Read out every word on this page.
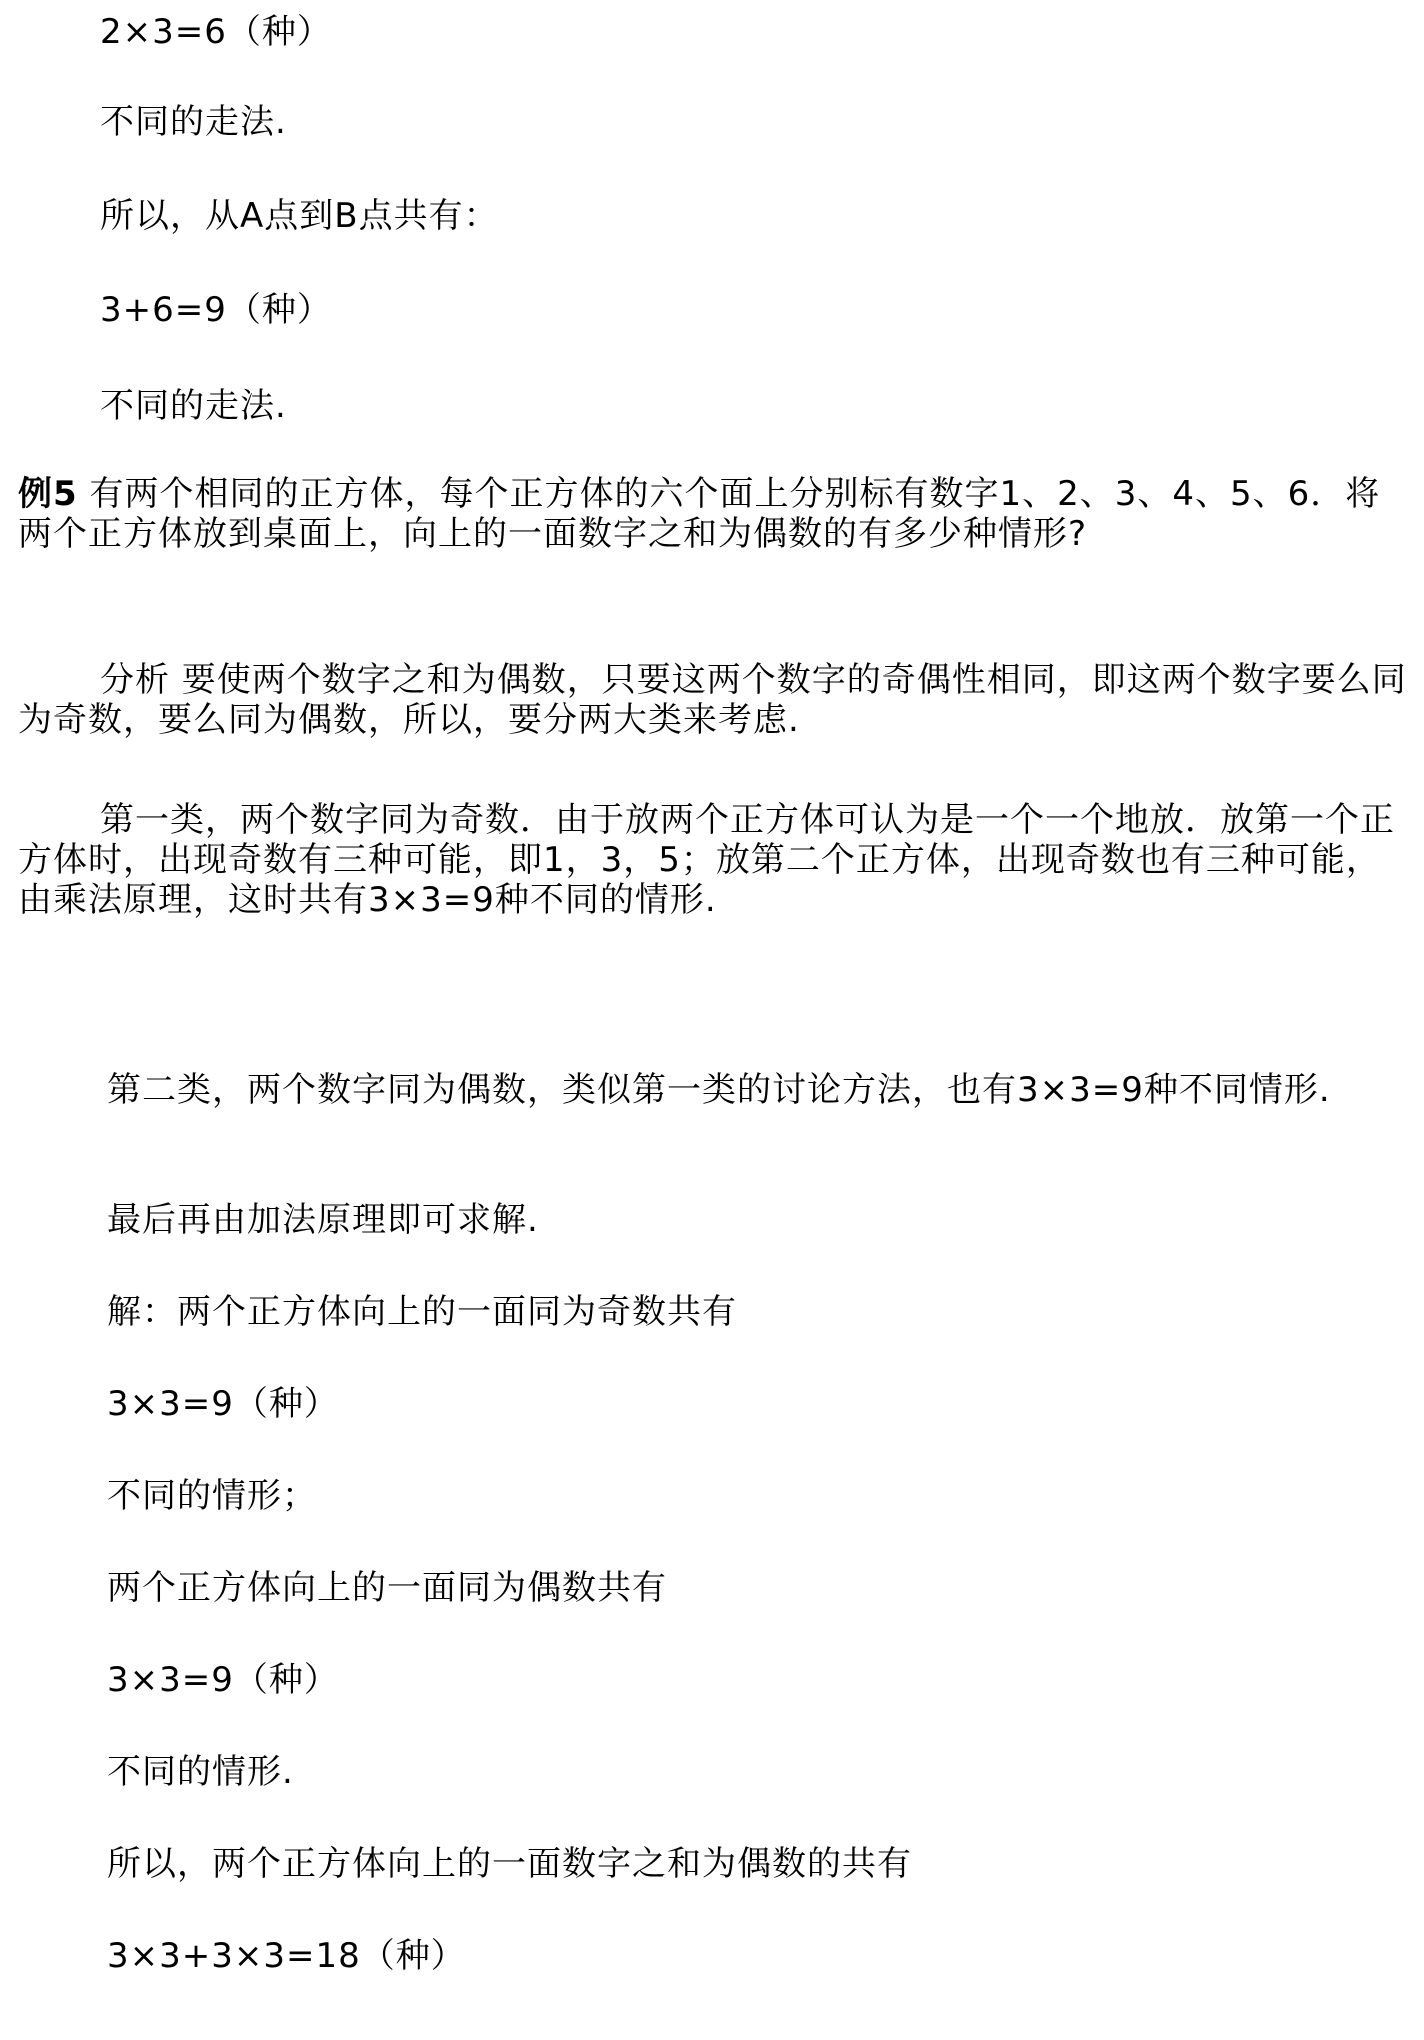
2×3=6（种）
不同的走法.
所以，从A点到B点共有：
3+6=9（种）
不同的走法.
例5 有两个相同的正方体，每个正方体的六个面上分别标有数字1、2、3、4、5、6．将两个正方体放到桌面上，向上的一面数字之和为偶数的有多少种情形?
分析 要使两个数字之和为偶数，只要这两个数字的奇偶性相同，即这两个数字要么同为奇数，要么同为偶数，所以，要分两大类来考虑.
第一类，两个数字同为奇数．由于放两个正方体可认为是一个一个地放．放第一个正方体时，出现奇数有三种可能，即1，3，5；放第二个正方体，出现奇数也有三种可能，由乘法原理，这时共有3×3=9种不同的情形.
第二类，两个数字同为偶数，类似第一类的讨论方法，也有3×3=9种不同情形.
最后再由加法原理即可求解.
解：两个正方体向上的一面同为奇数共有
3×3=9（种）
不同的情形；
两个正方体向上的一面同为偶数共有
3×3=9（种）
不同的情形.
所以，两个正方体向上的一面数字之和为偶数的共有
3×3+3×3=18（种）
